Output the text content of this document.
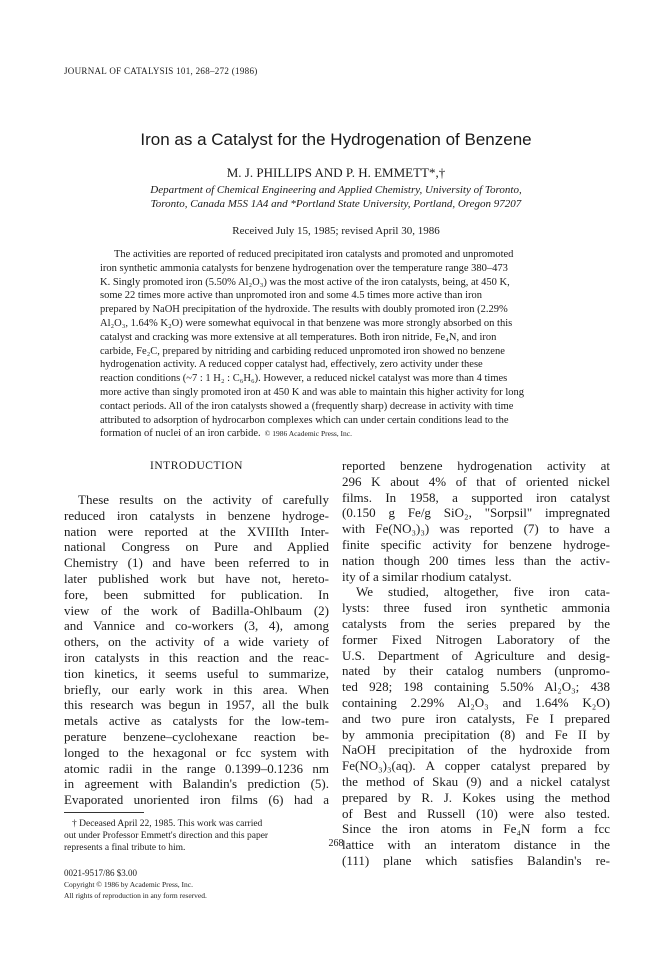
JOURNAL OF CATALYSIS 101, 268–272 (1986)
Iron as a Catalyst for the Hydrogenation of Benzene
M. J. PHILLIPS AND P. H. EMMETT*,†
Department of Chemical Engineering and Applied Chemistry, University of Toronto,
Toronto, Canada M5S 1A4 and *Portland State University, Portland, Oregon 97207
Received July 15, 1985; revised April 30, 1986
The activities are reported of reduced precipitated iron catalysts and promoted and unpromoted
iron synthetic ammonia catalysts for benzene hydrogenation over the temperature range 380–473
K. Singly promoted iron (5.50% Al₂O₃) was the most active of the iron catalysts, being, at 450 K,
some 22 times more active than unpromoted iron and some 4.5 times more active than iron
prepared by NaOH precipitation of the hydroxide. The results with doubly promoted iron (2.29%
Al₂O₃, 1.64% K₂O) were somewhat equivocal in that benzene was more strongly absorbed on this
catalyst and cracking was more extensive at all temperatures. Both iron nitride, Fe₄N, and iron
carbide, Fe₂C, prepared by nitriding and carbiding reduced unpromoted iron showed no benzene
hydrogenation activity. A reduced copper catalyst had, effectively, zero activity under these
reaction conditions (~7 : 1 H₂ : C₆H₆). However, a reduced nickel catalyst was more than 4 times
more active than singly promoted iron at 450 K and was able to maintain this higher activity for long
contact periods. All of the iron catalysts showed a (frequently sharp) decrease in activity with time
attributed to adsorption of hydrocarbon complexes which can under certain conditions lead to the
formation of nuclei of an iron carbide. © 1986 Academic Press, Inc.
INTRODUCTION
These results on the activity of carefully
reduced iron catalysts in benzene hydroge-
nation were reported at the XVIIIth Inter-
national Congress on Pure and Applied
Chemistry (1) and have been referred to in
later published work but have not, hereto-
fore, been submitted for publication. In
view of the work of Badilla-Ohlbaum (2)
and Vannice and co-workers (3, 4), among
others, on the activity of a wide variety of
iron catalysts in this reaction and the reac-
tion kinetics, it seems useful to summarize,
briefly, our early work in this area. When
this research was begun in 1957, all the bulk
metals active as catalysts for the low-tem-
perature benzene–cyclohexane reaction be-
longed to the hexagonal or fcc system with
atomic radii in the range 0.1399–0.1236 nm
in agreement with Balandin's prediction (5).
Evaporated unoriented iron films (6) had a
reported benzene hydrogenation activity at
296 K about 4% of that of oriented nickel
films. In 1958, a supported iron catalyst
(0.150 g Fe/g SiO₂, "Sorpsil" impregnated
with Fe(NO₃)₃) was reported (7) to have a
finite specific activity for benzene hydroge-
nation though 200 times less than the activ-
ity of a similar rhodium catalyst.
We studied, altogether, five iron cata-
lysts: three fused iron synthetic ammonia
catalysts from the series prepared by the
former Fixed Nitrogen Laboratory of the
U.S. Department of Agriculture and desig-
nated by their catalog numbers (unpromo-
ted 928; 198 containing 5.50% Al₂O₃; 438
containing 2.29% Al₂O₃ and 1.64% K₂O)
and two pure iron catalysts, Fe I prepared
by ammonia precipitation (8) and Fe II by
NaOH precipitation of the hydroxide from
Fe(NO₃)₃(aq). A copper catalyst prepared by
the method of Skau (9) and a nickel catalyst
prepared by R. J. Kokes using the method
of Best and Russell (10) were also tested.
Since the iron atoms in Fe₄N form a fcc
lattice with an interatom distance in the
(111) plane which satisfies Balandin's re-
† Deceased April 22, 1985. This work was carried
out under Professor Emmett's direction and this paper
represents a final tribute to him.	268
0021-9517/86 $3.00
Copyright © 1986 by Academic Press, Inc.
All rights of reproduction in any form reserved.
